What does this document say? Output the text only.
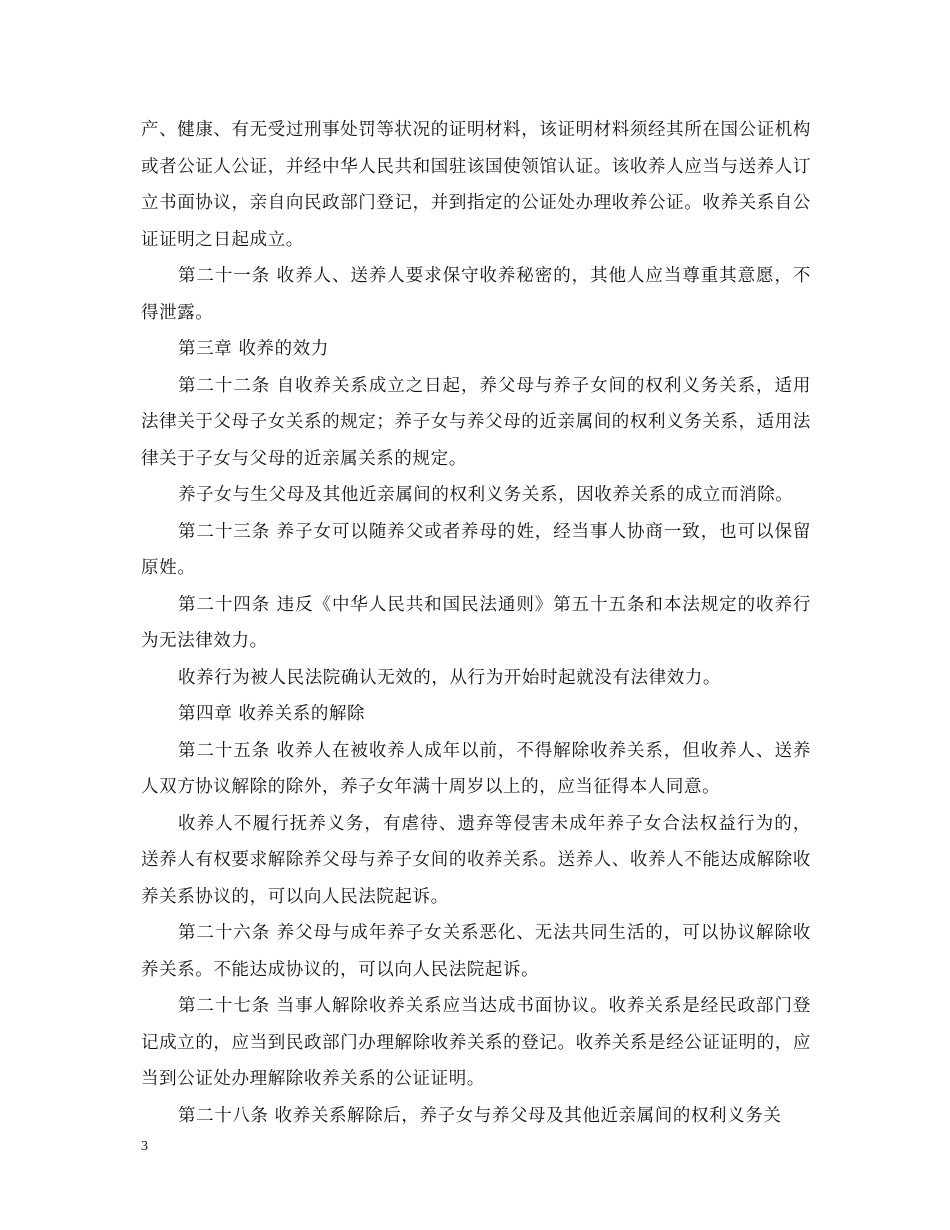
产、健康、有无受过刑事处罚等状况的证明材料，该证明材料须经其所在国公证机构或者公证人公证，并经中华人民共和国驻该国使领馆认证。该收养人应当与送养人订立书面协议，亲自向民政部门登记，并到指定的公证处办理收养公证。收养关系自公证证明之日起成立。

第二十一条 收养人、送养人要求保守收养秘密的，其他人应当尊重其意愿，不得泄露。

第三章 收养的效力

第二十二条 自收养关系成立之日起，养父母与养子女间的权利义务关系，适用法律关于父母子女关系的规定；养子女与养父母的近亲属间的权利义务关系，适用法律关于子女与父母的近亲属关系的规定。

养子女与生父母及其他近亲属间的权利义务关系，因收养关系的成立而消除。

第二十三条 养子女可以随养父或者养母的姓，经当事人协商一致，也可以保留原姓。

第二十四条 违反《中华人民共和国民法通则》第五十五条和本法规定的收养行为无法律效力。

收养行为被人民法院确认无效的，从行为开始时起就没有法律效力。

第四章 收养关系的解除

第二十五条 收养人在被收养人成年以前，不得解除收养关系，但收养人、送养人双方协议解除的除外，养子女年满十周岁以上的，应当征得本人同意。

收养人不履行抚养义务，有虐待、遗弃等侵害未成年养子女合法权益行为的，送养人有权要求解除养父母与养子女间的收养关系。送养人、收养人不能达成解除收养关系协议的，可以向人民法院起诉。

第二十六条 养父母与成年养子女关系恶化、无法共同生活的，可以协议解除收养关系。不能达成协议的，可以向人民法院起诉。

第二十七条 当事人解除收养关系应当达成书面协议。收养关系是经民政部门登记成立的，应当到民政部门办理解除收养关系的登记。收养关系是经公证证明的，应当到公证处办理解除收养关系的公证证明。

第二十八条 收养关系解除后，养子女与养父母及其他近亲属间的权利义务关

3
